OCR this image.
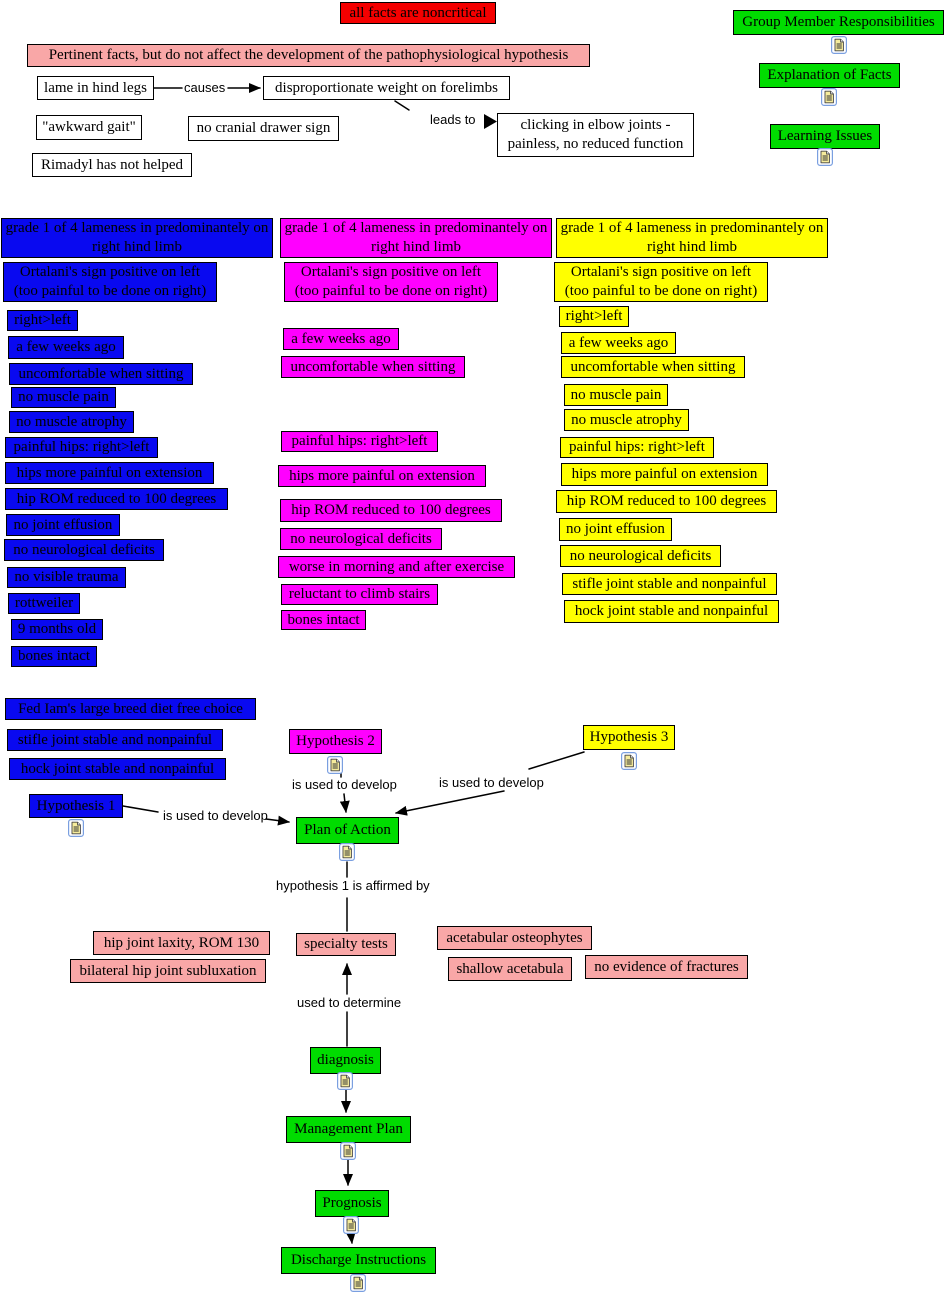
all facts are noncritical
Pertinent facts, but do not affect the development of the pathophysiological hypothesis
lame in hind legs	disproportionate weight on forelimbs
"awkward gait"	no cranial drawer sign	clicking in elbow joints - painless, no reduced function
Rimadyl has not helped
Group Member Responsibilities
Explanation of Facts
Learning Issues
Hypothesis 1
Hypothesis 2	Hypothesis 3
Plan of Action
specialty tests
hip joint laxity, ROM 130
bilateral hip joint subluxation
acetabular osteophytes
shallow acetabula	no evidence of fractures
diagnosis
Management Plan
Prognosis
Discharge Instructions
causes
leads to
is used to develop
is used to develop	is used to develop
hypothesis 1 is affirmed by
used to determine
grade 1 of 4 lameness in predominantely on right hind limb
Ortalani's sign positive on left (too painful to be done on right)
right>left
a few weeks ago
uncomfortable when sitting
no muscle pain
no muscle atrophy
painful hips: right>left
hips more painful on extension
hip ROM reduced to 100 degrees
no joint effusion
no neurological deficits
no visible trauma
rottweiler
9 months old
bones intact
grade 1 of 4 lameness in predominantely on right hind limb
Ortalani's sign positive on left (too painful to be done on right)
a few weeks ago
uncomfortable when sitting
painful hips: right>left
hips more painful on extension
hip ROM reduced to 100 degrees
no neurological deficits
worse in morning and after exercise
reluctant to climb stairs
bones intact
grade 1 of 4 lameness in predominantely on right hind limb
Ortalani's sign positive on left (too painful to be done on right)
right>left
a few weeks ago
uncomfortable when sitting
no muscle pain
no muscle atrophy
painful hips: right>left
hips more painful on extension
hip ROM reduced to 100 degrees
no joint effusion
no neurological deficits
stifle joint stable and nonpainful
hock joint stable and nonpainful
Fed Iam's large breed diet free choice
stifle joint stable and nonpainful
hock joint stable and nonpainful
